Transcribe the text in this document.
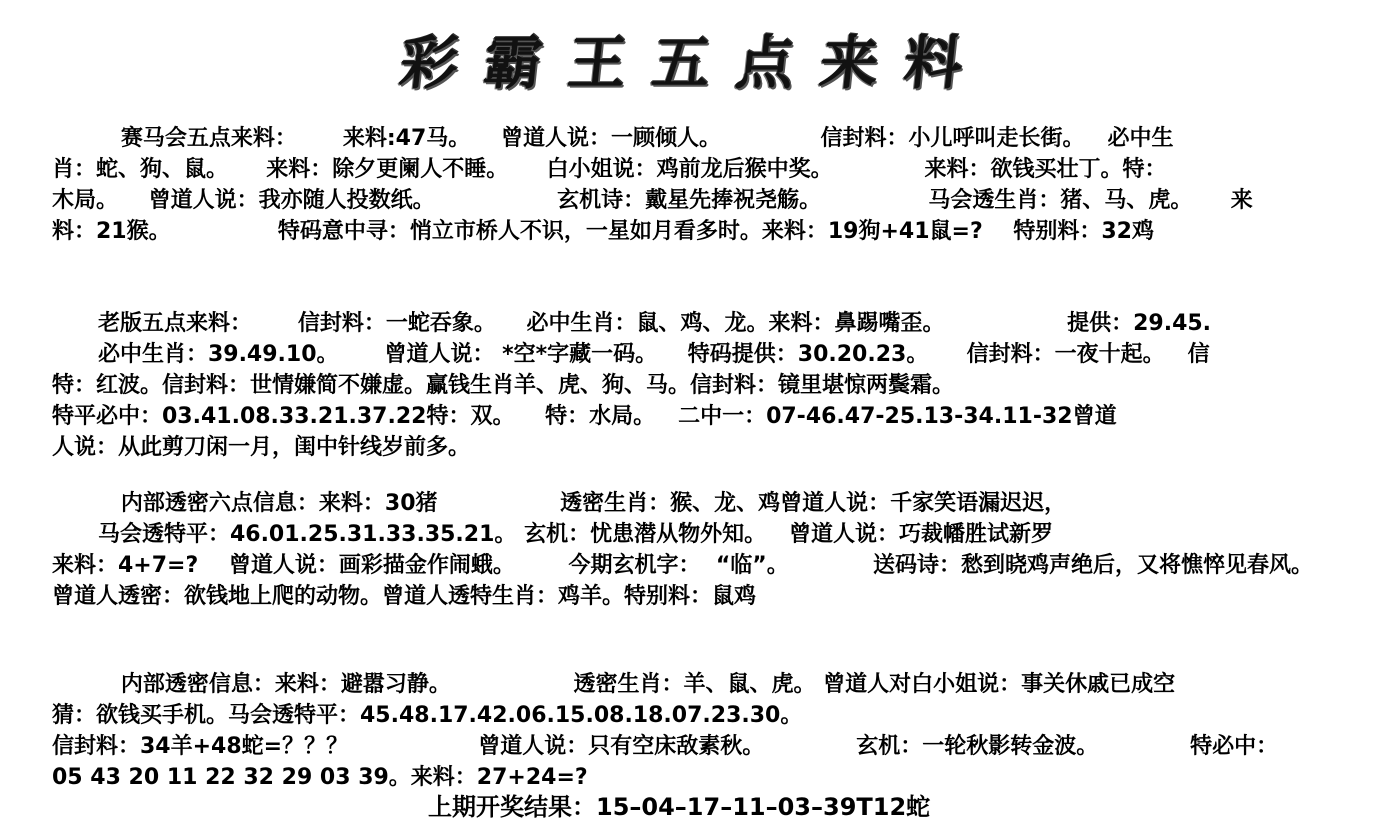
彩霸王五点来料
赛马会五点来料：      来料:47马。    曾道人说：一顾倾人。             信封料：小儿呼叫走长街。   必中生
肖：蛇、狗、鼠。     来料：除夕更阑人不睡。     白小姐说：鸡前龙后猴中奖。            来料：欲钱买壮丁。特：
木局。    曾道人说：我亦随人投数纸。                玄机诗：戴星先捧祝尧觞。              马会透生肖：猪、马、虎。     来
料：21猴。              特码意中寻：悄立市桥人不识，一星如月看多时。来料：19狗+41鼠=?    特别料：32鸡
老版五点来料：      信封料：一蛇吞象。    必中生肖：鼠、鸡、龙。来料：鼻踢嘴歪。                提供：29.45.
必中生肖：39.49.10。      曾道人说： *空*字藏一码。    特码提供：30.20.23。     信封料：一夜十起。   信
特：红波。信封料：世情嫌简不嫌虚。赢钱生肖羊、虎、狗、马。信封料：镜里堪惊两鬓霜。
特平必中：03.41.08.33.21.37.22特：双。    特：水局。   二中一：07-46.47-25.13-34.11-32曾道
人说：从此剪刀闲一月，闺中针线岁前多。
内部透密六点信息：来料：30猪                透密生肖：猴、龙、鸡曾道人说：千家笑语漏迟迟，
马会透特平：46.01.25.31.33.35.21。 玄机：忧患潜从物外知。   曾道人说：巧裁幡胜试新罗
来料：4+7=?    曾道人说：画彩描金作闹蛾。       今期玄机字：  “临”。           送码诗：愁到晓鸡声绝后，又将憔悴见春风。
曾道人透密：欲钱地上爬的动物。曾道人透特生肖：鸡羊。特别料：鼠鸡
内部透密信息：来料：避嚣习静。                透密生肖：羊、鼠、虎。 曾道人对白小姐说：事关休戚已成空
猜：欲钱买手机。马会透特平：45.48.17.42.06.15.08.18.07.23.30。
信封料：34羊+48蛇=？？？                 曾道人说：只有空床敌素秋。            玄机：一轮秋影转金波。            特必中：
05 43 20 11 22 32 29 03 39。来料：27+24=?
上期开奖结果：15–04–17–11–03–39T12蛇
